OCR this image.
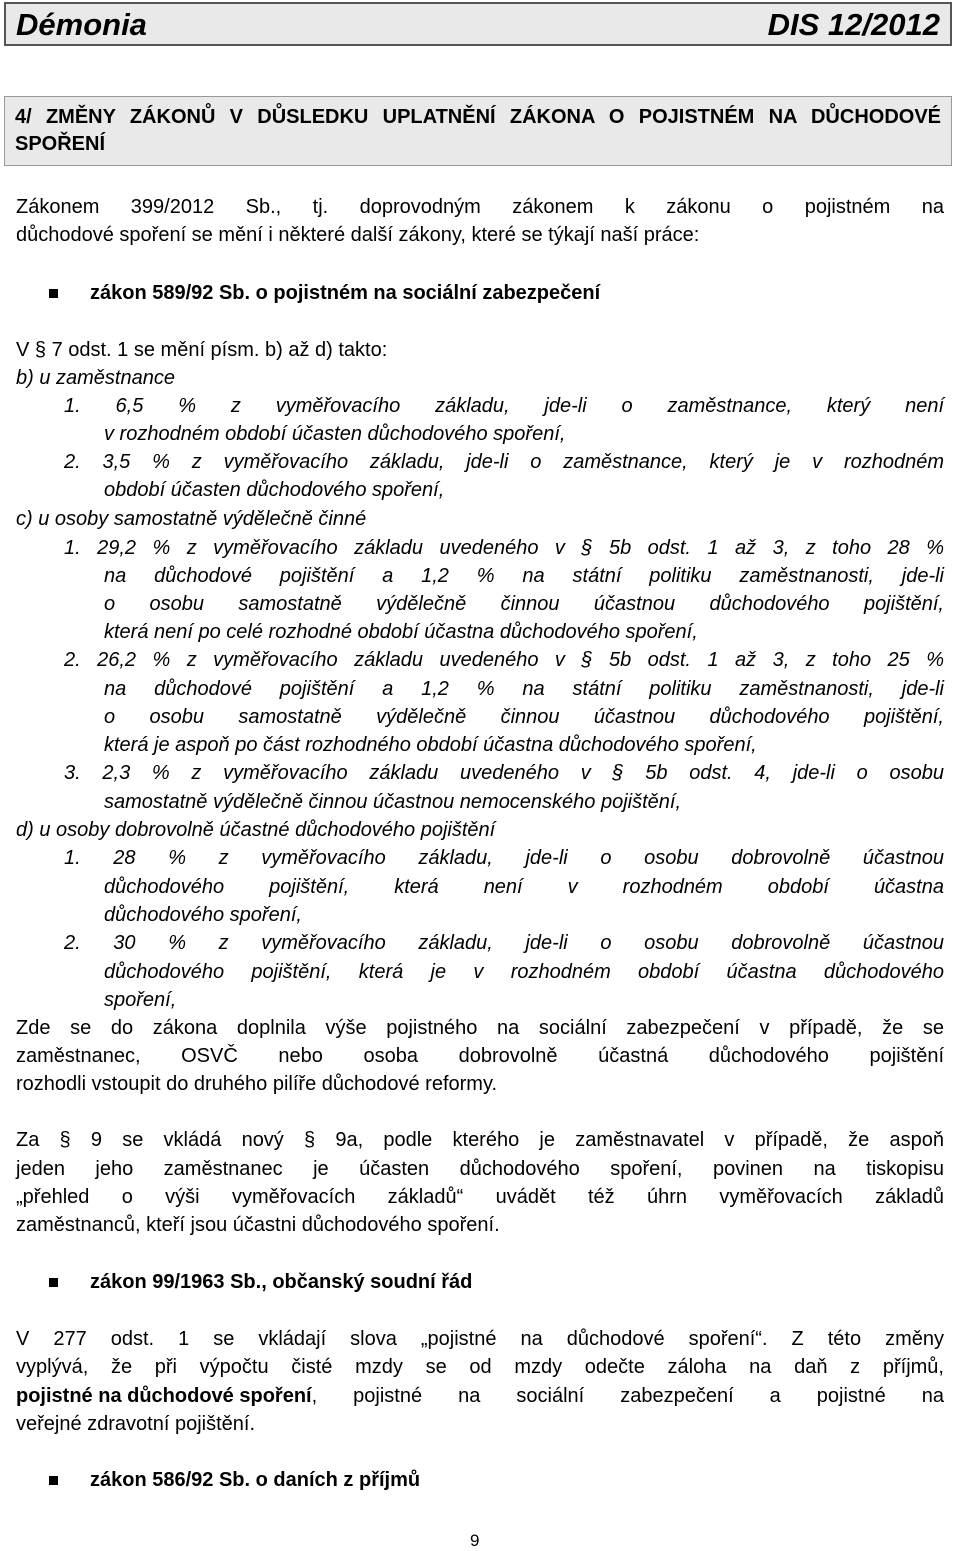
Démonia	DIS 12/2012
4/ ZMĚNY ZÁKONŮ V DŮSLEDKU UPLATNĚNÍ ZÁKONA O POJISTNÉM NA DŮCHODOVÉ SPOŘENÍ
Zákonem 399/2012 Sb., tj. doprovodným zákonem k zákonu o pojistném na
důchodové spoření se mění i některé další zákony, které se týkají naší práce:
zákon 589/92 Sb. o pojistném na sociální zabezpečení
V § 7 odst. 1 se mění písm. b) až d) takto:
b) u zaměstnance
1. 6,5 % z vyměřovacího základu, jde-li o zaměstnance, který není
v rozhodném období účasten důchodového spoření,
2. 3,5 % z vyměřovacího základu, jde-li o zaměstnance, který je v rozhodném
období účasten důchodového spoření,
c) u osoby samostatně výdělečně činné
1. 29,2 % z vyměřovacího základu uvedeného v § 5b odst. 1 až 3, z toho 28 %
na důchodové pojištění a 1,2 % na státní politiku zaměstnanosti, jde-li
o osobu samostatně výdělečně činnou účastnou důchodového pojištění,
která není po celé rozhodné období účastna důchodového spoření,
2. 26,2 % z vyměřovacího základu uvedeného v § 5b odst. 1 až 3, z toho 25 %
na důchodové pojištění a 1,2 % na státní politiku zaměstnanosti, jde-li
o osobu samostatně výdělečně činnou účastnou důchodového pojištění,
která je aspoň po část rozhodného období účastna důchodového spoření,
3. 2,3 % z vyměřovacího základu uvedeného v § 5b odst. 4, jde-li o osobu
samostatně výdělečně činnou účastnou nemocenského pojištění,
d) u osoby dobrovolně účastné důchodového pojištění
1. 28 % z vyměřovacího základu, jde-li o osobu dobrovolně účastnou
důchodového pojištění, která není v rozhodném období účastna
důchodového spoření,
2. 30 % z vyměřovacího základu, jde-li o osobu dobrovolně účastnou
důchodového pojištění, která je v rozhodném období účastna důchodového
spoření,
Zde se do zákona doplnila výše pojistného na sociální zabezpečení v případě, že se
zaměstnanec, OSVČ nebo osoba dobrovolně účastná důchodového pojištění
rozhodli vstoupit do druhého pilíře důchodové reformy.
Za § 9 se vkládá nový § 9a, podle kterého je zaměstnavatel v případě, že aspoň
jeden jeho zaměstnanec je účasten důchodového spoření, povinen na tiskopisu
„přehled o výši vyměřovacích základů“ uvádět též úhrn vyměřovacích základů
zaměstnanců, kteří jsou účastni důchodového spoření.
zákon 99/1963 Sb., občanský soudní řád
V 277 odst. 1 se vkládají slova „pojistné na důchodové spoření“. Z této změny
vyplývá, že při výpočtu čisté mzdy se od mzdy odečte záloha na daň z příjmů,
pojistné na důchodové spoření , pojistné na sociální zabezpečení a pojistné na
veřejné zdravotní pojištění.
zákon 586/92 Sb. o daních z příjmů
9
